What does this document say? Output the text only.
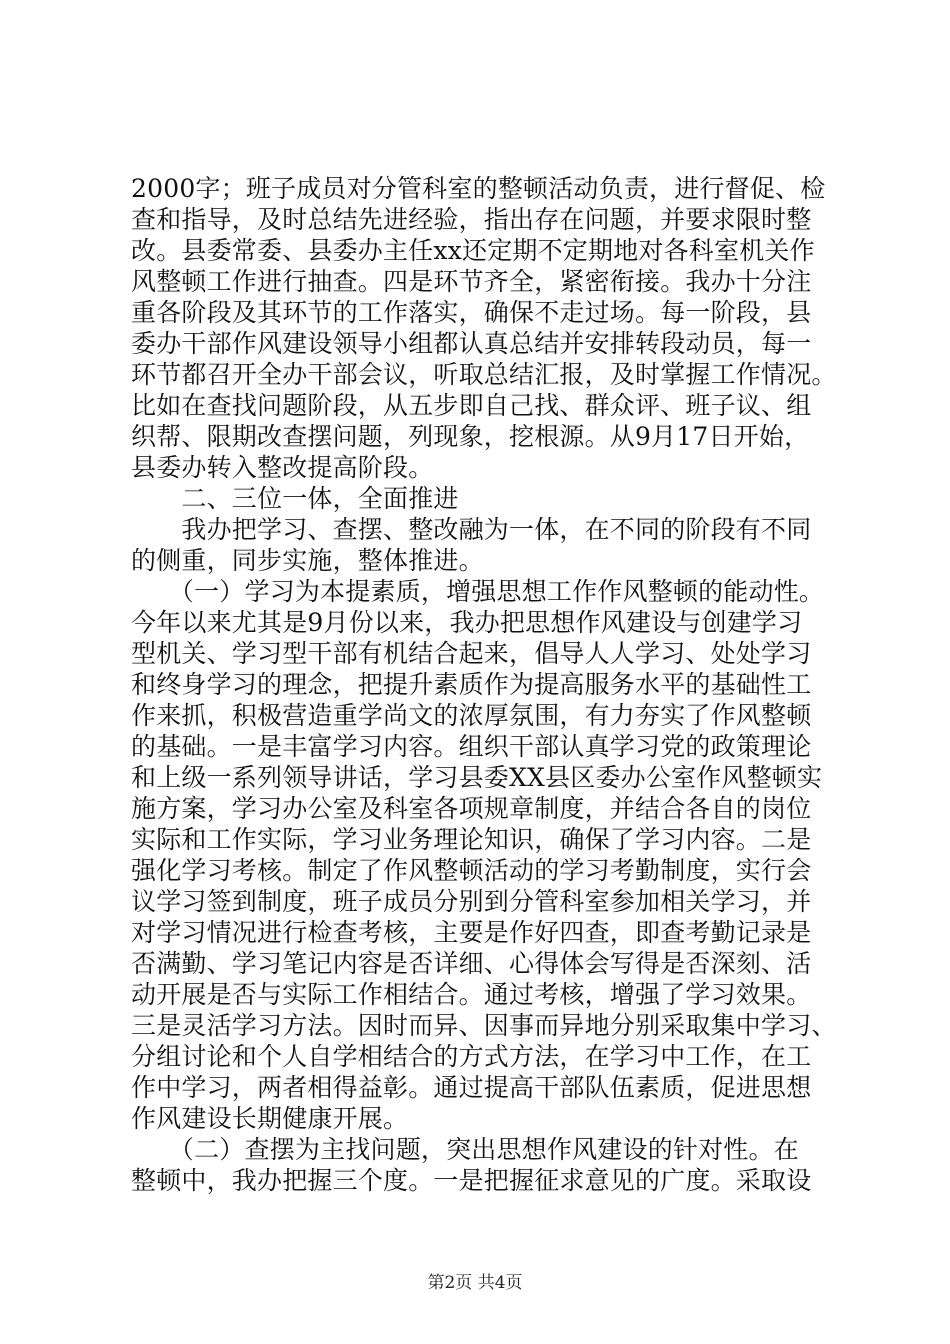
2000字；班子成员对分管科室的整顿活动负责，进行督促、检
查和指导，及时总结先进经验，指出存在问题，并要求限时整
改。县委常委、县委办主任xx还定期不定期地对各科室机关作
风整顿工作进行抽查。四是环节齐全，紧密衔接。我办十分注
重各阶段及其环节的工作落实，确保不走过场。每一阶段，县
委办干部作风建设领导小组都认真总结并安排转段动员，每一
环节都召开全办干部会议，听取总结汇报，及时掌握工作情况。
比如在查找问题阶段，从五步即自己找、群众评、班子议、组
织帮、限期改查摆问题，列现象，挖根源。从9月17日开始，
县委办转入整改提高阶段。
　　二、三位一体，全面推进
　　我办把学习、查摆、整改融为一体，在不同的阶段有不同
的侧重，同步实施，整体推进。
　　（一）学习为本提素质，增强思想工作作风整顿的能动性。
今年以来尤其是9月份以来，我办把思想作风建设与创建学习
型机关、学习型干部有机结合起来，倡导人人学习、处处学习
和终身学习的理念，把提升素质作为提高服务水平的基础性工
作来抓，积极营造重学尚文的浓厚氛围，有力夯实了作风整顿
的基础。一是丰富学习内容。组织干部认真学习党的政策理论
和上级一系列领导讲话，学习县委XX县区委办公室作风整顿实
施方案，学习办公室及科室各项规章制度，并结合各自的岗位
实际和工作实际，学习业务理论知识，确保了学习内容。二是
强化学习考核。制定了作风整顿活动的学习考勤制度，实行会
议学习签到制度，班子成员分别到分管科室参加相关学习，并
对学习情况进行检查考核，主要是作好四查，即查考勤记录是
否满勤、学习笔记内容是否详细、心得体会写得是否深刻、活
动开展是否与实际工作相结合。通过考核，增强了学习效果。
三是灵活学习方法。因时而异、因事而异地分别采取集中学习、
分组讨论和个人自学相结合的方式方法，在学习中工作，在工
作中学习，两者相得益彰。通过提高干部队伍素质，促进思想
作风建设长期健康开展。
　　（二）查摆为主找问题，突出思想作风建设的针对性。在
整顿中，我办把握三个度。一是把握征求意见的广度。采取设
第2页 共4页
